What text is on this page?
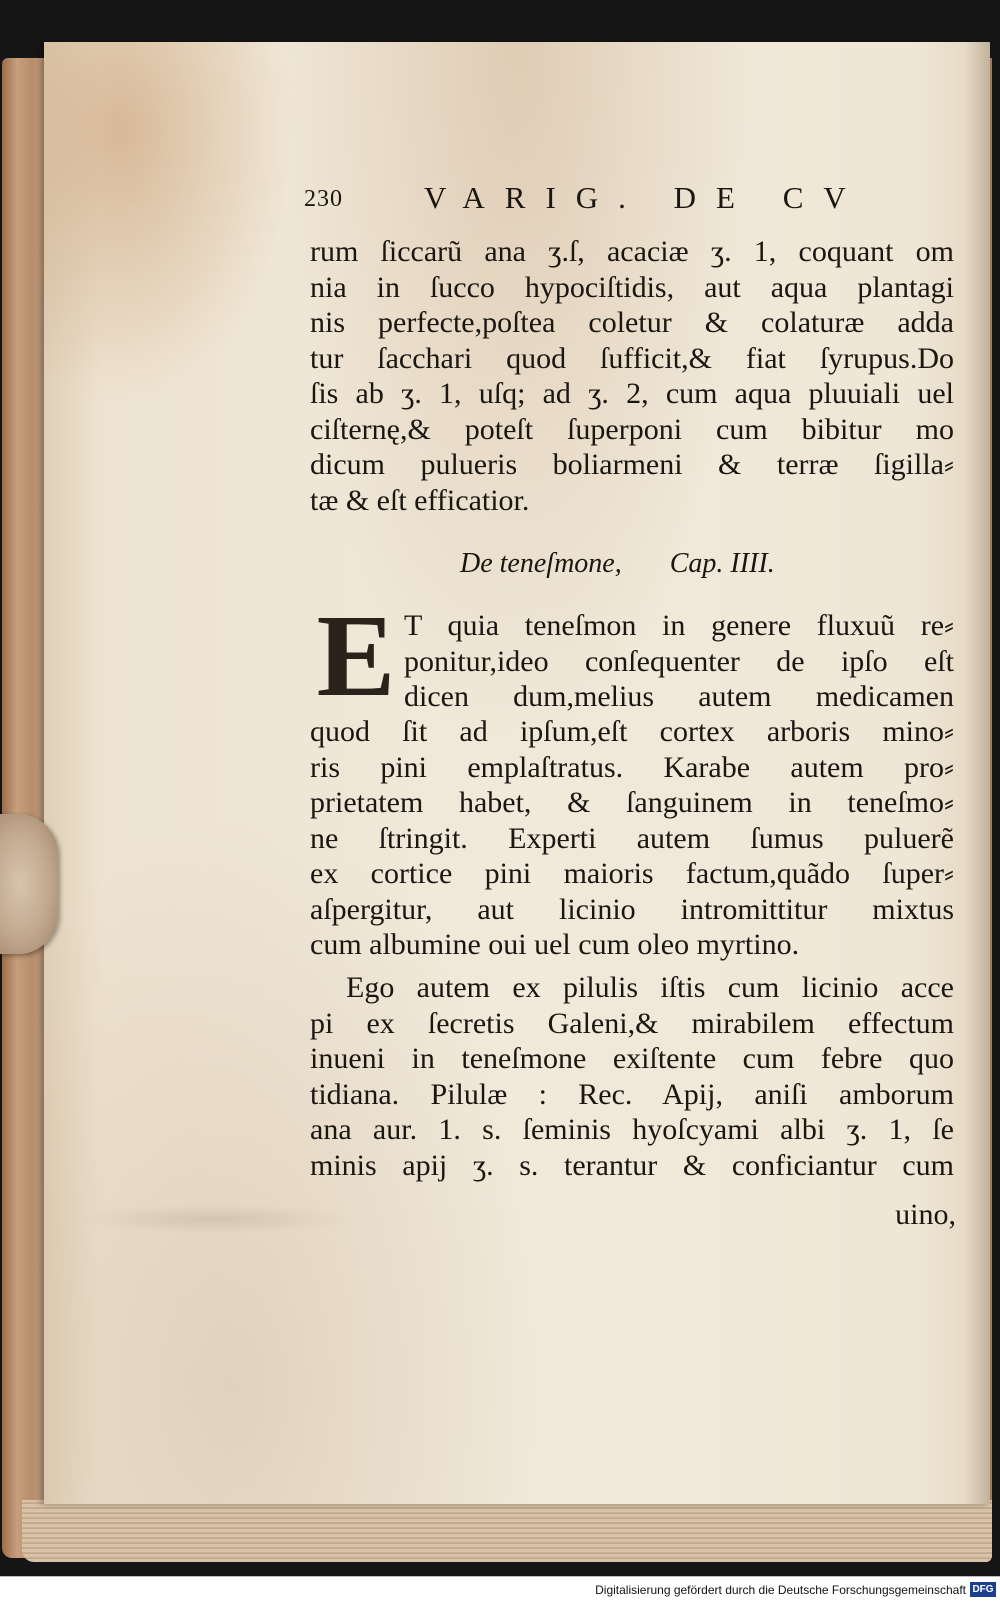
230	VARIG. DE CV
rum ſiccarũ ana ʒ.ſ, acaciæ ʒ. 1, coquant om
nia in ſucco hypociſtidis, aut aqua plantagi
nis perfecte,poſtea coletur & colaturæ adda
tur ſacchari quod ſufficit,& fiat ſyrupus.Do
ſis ab ʒ. 1, uſq; ad ʒ. 2, cum aqua pluuiali uel
ciſternę,& poteſt ſuperponi cum bibitur mo
dicum pulueris boliarmeni & terræ ſigilla⸗
tæ & eſt efficatior.
De teneſmone, Cap. IIII.
E T quia teneſmon in genere fluxuũ re⸗
ponitur,ideo conſequenter de ipſo eſt
dicen dum,melius autem medicamen
quod ſit ad ipſum,eſt cortex arboris mino⸗
ris pini emplaſtratus. Karabe autem pro⸗
prietatem habet, & ſanguinem in teneſmo⸗
ne ſtringit. Experti autem ſumus puluerẽ
ex cortice pini maioris factum,quãdo ſuper⸗
aſpergitur, aut licinio intromittitur mixtus
cum albumine oui uel cum oleo myrtino.
Ego autem ex pilulis iſtis cum licinio acce
pi ex ſecretis Galeni,& mirabilem effectum
inueni in teneſmone exiſtente cum febre quo
tidiana. Pilulæ : Rec. Apij, aniſi amborum
ana aur. 1. s. ſeminis hyoſcyami albi ʒ. 1, ſe
minis apij ʒ. s. terantur & conficiantur cum
uino,
Digitalisierung gefördert durch die Deutsche Forschungsgemeinschaft DFG
